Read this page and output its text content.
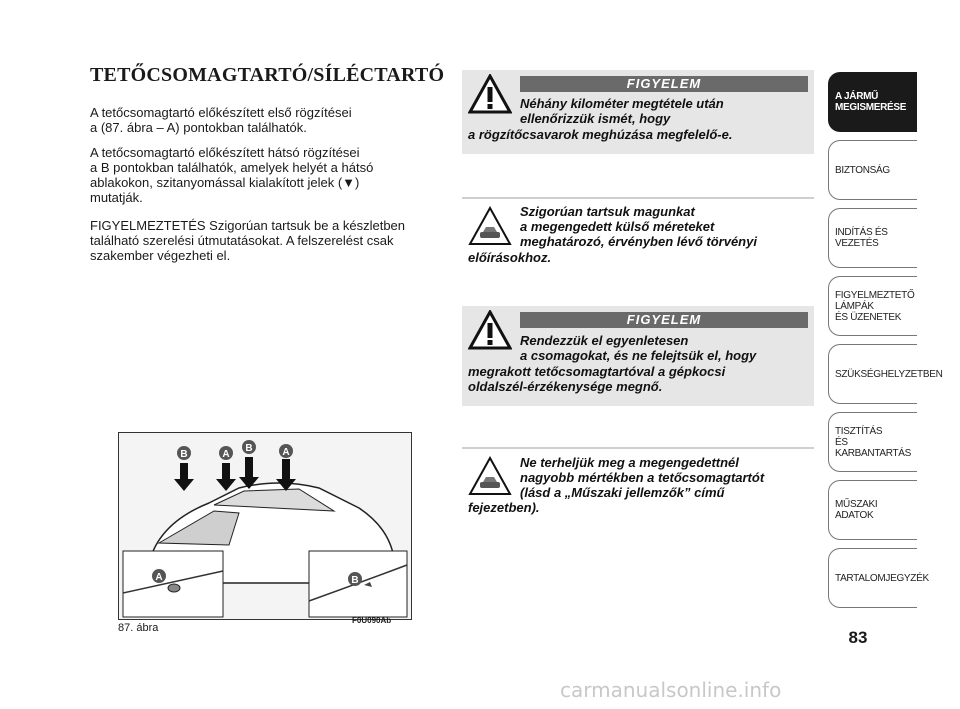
TETŐCSOMAGTARTÓ/SÍLÉCTARTÓ
A tetőcsomagtartó előkészített első rögzítései
a (87. ábra – A) pontokban találhatók.
A tetőcsomagtartó előkészített hátsó rögzítései
a B pontokban találhatók, amelyek helyét a hátsó
ablakokon, szitanyomással kialakított jelek (▼)
mutatják.
FIGYELMEZTETÉS Szigorúan tartsuk be a készletben
található szerelési útmutatásokat. A felszerelést csak
szakember végezheti el.
B	A
B	A
A	B
87. ábra
F0U090Ab
FIGYELEM
Néhány kilométer megtétele után
ellenőrizzük ismét, hogy
a rögzítőcsavarok meghúzása megfelelő-e.
Szigorúan tartsuk magunkat
a megengedett külső méreteket
meghatározó, érvényben lévő törvényi
előírásokhoz.
FIGYELEM
Rendezzük el egyenletesen
a csomagokat, és ne felejtsük el, hogy
megrakott tetőcsomagtartóval a gépkocsi
oldalszél-érzékenysége megnő.
Ne terheljük meg a megengedettnél
nagyobb mértékben a tetőcsomagtartót
(lásd a „Műszaki jellemzők” című
fejezetben).
A JÁRMŰ
MEGISMERÉSE
BIZTONSÁG
INDÍTÁS ÉS VEZETÉS
FIGYELMEZTETŐ
LÁMPÁK
ÉS ÜZENETEK
SZÜKSÉGHELYZETBEN
TISZTÍTÁS
ÉS KARBANTARTÁS
MŰSZAKI ADATOK
TARTALOMJEGYZÉK
83
carmanualsonline.info
